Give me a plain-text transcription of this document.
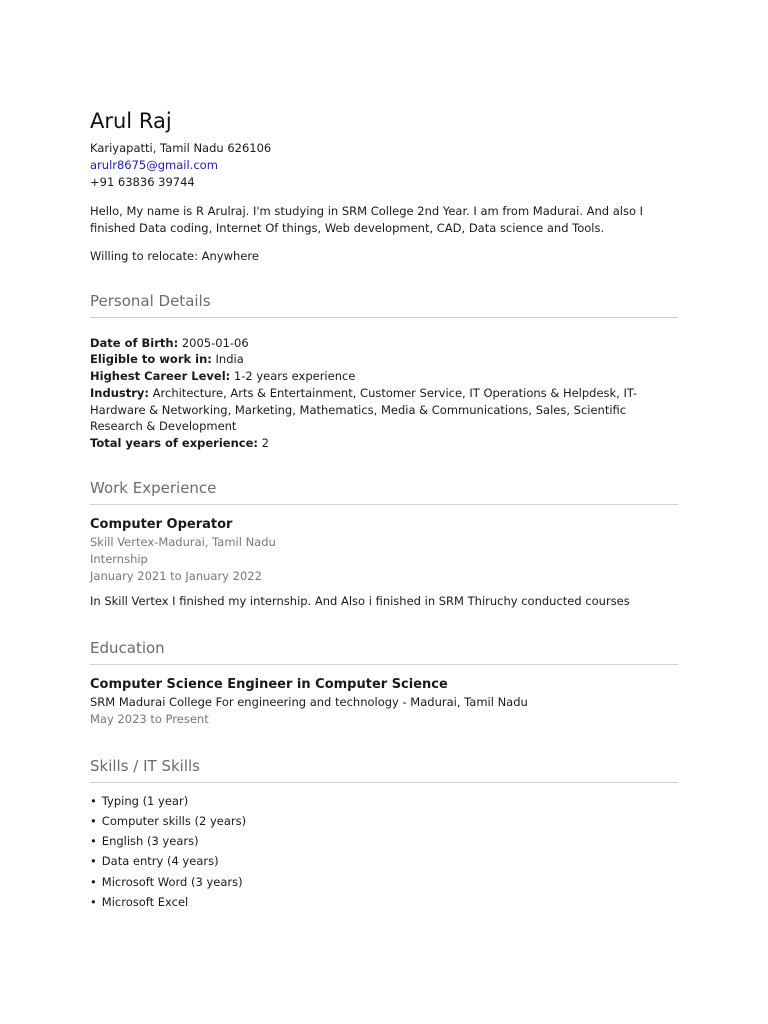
Arul Raj
Kariyapatti, Tamil Nadu 626106
arulr8675@gmail.com
+91 63836 39744
Hello, My name is R Arulraj. I'm studying in SRM College 2nd Year. I am from Madurai. And also I finished Data coding, Internet Of things, Web development, CAD, Data science and Tools.
Willing to relocate: Anywhere
Personal Details
Date of Birth: 2005-01-06
Eligible to work in: India
Highest Career Level: 1-2 years experience
Industry: Architecture, Arts & Entertainment, Customer Service, IT Operations & Helpdesk, IT-Hardware & Networking, Marketing, Mathematics, Media & Communications, Sales, Scientific Research & Development
Total years of experience: 2
Work Experience
Computer Operator
Skill Vertex-Madurai, Tamil Nadu
Internship
January 2021 to January 2022
In Skill Vertex I finished my internship. And Also i finished in SRM Thiruchy conducted courses
Education
Computer Science Engineer in Computer Science
SRM Madurai College For engineering and technology - Madurai, Tamil Nadu
May 2023 to Present
Skills / IT Skills
• Typing (1 year)
• Computer skills (2 years)
• English (3 years)
• Data entry (4 years)
• Microsoft Word (3 years)
• Microsoft Excel
